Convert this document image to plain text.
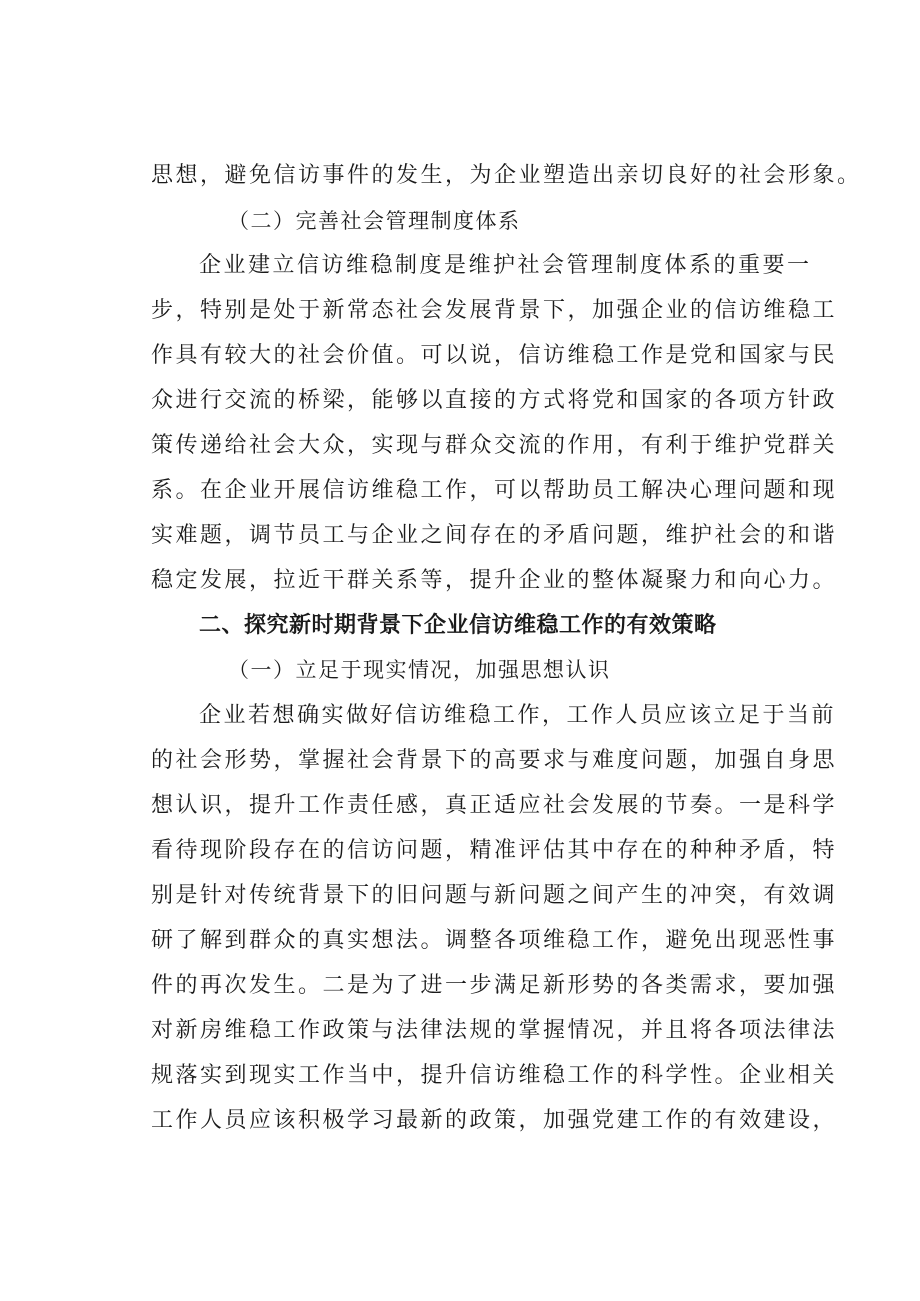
思想，避免信访事件的发生，为企业塑造出亲切良好的社会形象。
（二）完善社会管理制度体系
企业建立信访维稳制度是维护社会管理制度体系的重要一
步，特别是处于新常态社会发展背景下，加强企业的信访维稳工
作具有较大的社会价值。可以说，信访维稳工作是党和国家与民
众进行交流的桥梁，能够以直接的方式将党和国家的各项方针政
策传递给社会大众，实现与群众交流的作用，有利于维护党群关
系。在企业开展信访维稳工作，可以帮助员工解决心理问题和现
实难题，调节员工与企业之间存在的矛盾问题，维护社会的和谐
稳定发展，拉近干群关系等，提升企业的整体凝聚力和向心力。
二、探究新时期背景下企业信访维稳工作的有效策略
（一）立足于现实情况，加强思想认识
企业若想确实做好信访维稳工作，工作人员应该立足于当前
的社会形势，掌握社会背景下的高要求与难度问题，加强自身思
想认识，提升工作责任感，真正适应社会发展的节奏。一是科学
看待现阶段存在的信访问题，精准评估其中存在的种种矛盾，特
别是针对传统背景下的旧问题与新问题之间产生的冲突，有效调
研了解到群众的真实想法。调整各项维稳工作，避免出现恶性事
件的再次发生。二是为了进一步满足新形势的各类需求，要加强
对新房维稳工作政策与法律法规的掌握情况，并且将各项法律法
规落实到现实工作当中，提升信访维稳工作的科学性。企业相关
工作人员应该积极学习最新的政策，加强党建工作的有效建设，
